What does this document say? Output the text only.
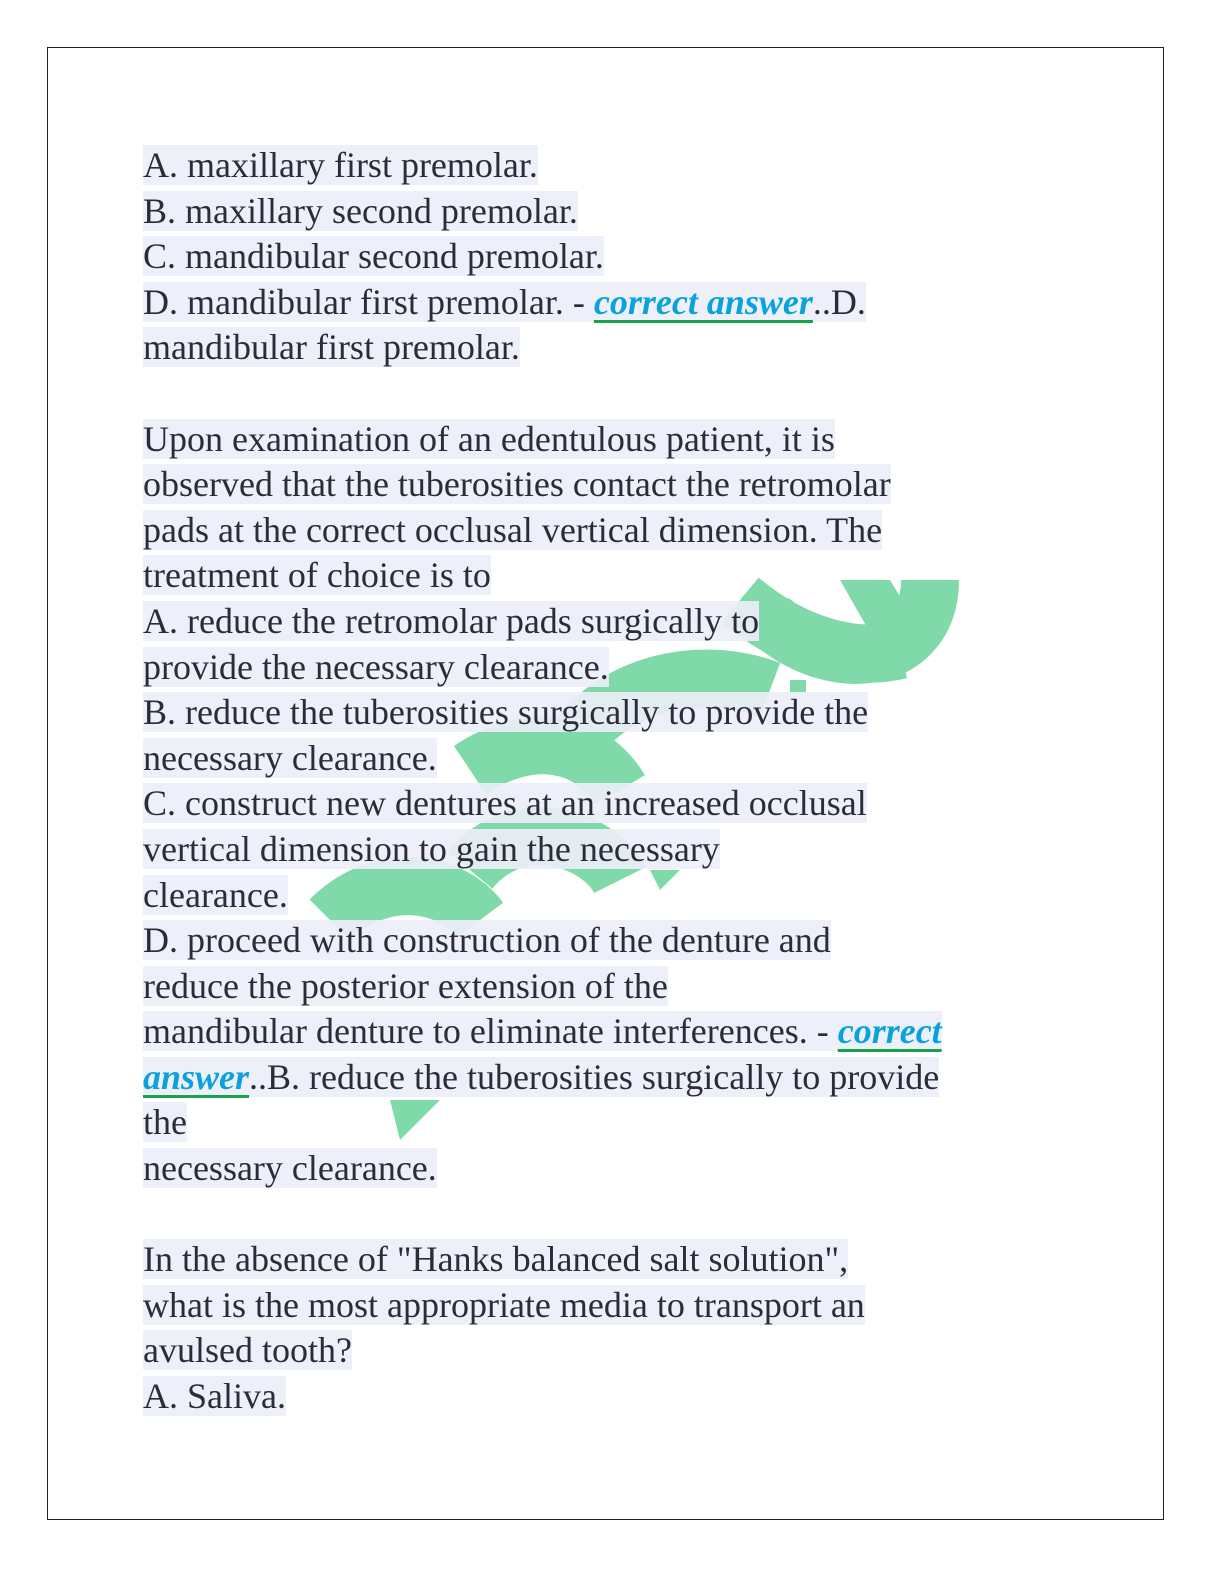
A. maxillary first premolar.
B. maxillary second premolar.
C. mandibular second premolar.
D. mandibular first premolar. - correct answer..D.
mandibular first premolar.
Upon examination of an edentulous patient, it is
observed that the tuberosities contact the retromolar
pads at the correct occlusal vertical dimension. The
treatment of choice is to
A. reduce the retromolar pads surgically to
provide the necessary clearance.
B. reduce the tuberosities surgically to provide the
necessary clearance.
C. construct new dentures at an increased occlusal
vertical dimension to gain the necessary
clearance.
D. proceed with construction of the denture and
reduce the posterior extension of the
mandibular denture to eliminate interferences. - correct
answer..B. reduce the tuberosities surgically to provide
the
necessary clearance.
In the absence of "Hanks balanced salt solution",
what is the most appropriate media to transport an
avulsed tooth?
A. Saliva.
